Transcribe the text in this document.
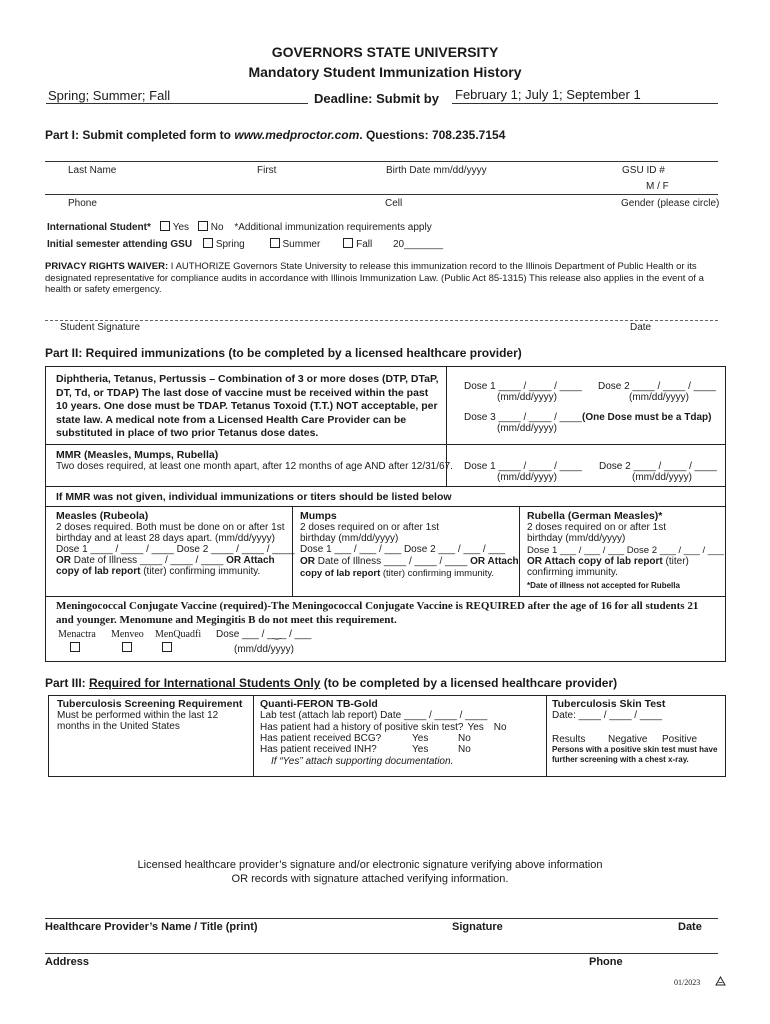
GOVERNORS STATE UNIVERSITY
Mandatory Student Immunization History
Spring; Summer; Fall	Deadline: Submit by February 1; July 1; September 1
Part I: Submit completed form to www.medproctor.com. Questions: 708.235.7154
Last Name	First	Birth Date mm/dd/yyyy	GSU ID #
M / F
Phone	Cell	Gender (please circle)
International Student* Yes No *Additional immunization requirements apply
Initial semester attending GSU Spring	Summer	Fall 20_______
PRIVACY RIGHTS WAIVER: I AUTHORIZE Governors State University to release this immunization record to the Illinois Department of Public Health or its designated representative for compliance audits in accordance with Illinois Immunization Law. (Public Act 85-1315) This release also applies in the event of a health or safety emergency.
Student Signature	Date
Part II: Required immunizations (to be completed by a licensed healthcare provider)
Diphtheria, Tetanus, Pertussis – Combination of 3 or more doses (DTP, DTaP, DT, Td, or TDAP) The last dose of vaccine must be received within the past 10 years. One dose must be TDAP. Tetanus Toxoid (T.T.) NOT acceptable, per state law. A medical note from a Licensed Health Care Provider can be substituted in place of two prior Tetanus dose dates.
Dose 1 ____ / ____ / ____ Dose 2 ____ / ____ / ____
(mm/dd/yyyy)	(mm/dd/yyyy)
Dose 3 ____ / ____ / ____ (One Dose must be a Tdap)
(mm/dd/yyyy)
MMR (Measles, Mumps, Rubella)
Two doses required, at least one month apart, after 12 months of age AND after 12/31/67. Dose 1 ____ / ____ / ____ Dose 2 ____ / ____ / ____
(mm/dd/yyyy)	(mm/dd/yyyy)
If MMR was not given, individual immunizations or titers should be listed below
Measles (Rubeola)
2 doses required. Both must be done on or after 1st
birthday and at least 28 days apart. (mm/dd/yyyy)
Dose 1 ____ / ____ / ____ Dose 2 ____ / ____ / ____
OR Date of Illness ____ / ____ / ____ OR Attach
copy of lab report (titer) confirming immunity.
Mumps
2 doses required on or after 1st
birthday (mm/dd/yyyy)
Dose 1 ___ / ___ / ___ Dose 2 ___ / ___ / ___
OR Date of Illness ____ / ____ / ____ OR Attach
copy of lab report (titer) confirming immunity.
Rubella (German Measles)*
2 doses required on or after 1st
birthday (mm/dd/yyyy)
Dose 1 ___ / ___ / ___ Dose 2 ___ / ___ / ___
OR Attach copy of lab report (titer)
confirming immunity.
*Date of illness not accepted for Rubella
Meningococcal Conjugate Vaccine (required)-The Meningococcal Conjugate Vaccine is REQUIRED after the age of 16 for all students 21 and younger. Menomune and Megingitis B do not meet this requirement.
Menactra Menveo MenQuadfi Dose ___ / _‿_ / ___
(mm/dd/yyyy)
Part III: Required for International Students Only (to be completed by a licensed healthcare provider)
Tuberculosis Screening Requirement
Must be performed within the last 12 months in the United States
Quanti-FERON TB-Gold
Lab test (attach lab report) Date ____ / ____ / ____
Has patient had a history of positive skin test? Yes No
Has patient received BCG?	Yes	No
Has patient received INH?	Yes	No
If “Yes” attach supporting documentation.
Tuberculosis Skin Test
Date: ____ / ____ / ____
Results Negative Positive
Persons with a positive skin test must have further screening with a chest x-ray.
Licensed healthcare provider’s signature and/or electronic signature verifying above information
OR records with signature attached verifying information.
Healthcare Provider’s Name / Title (print)	Signature	Date
Address	Phone
01/2023
